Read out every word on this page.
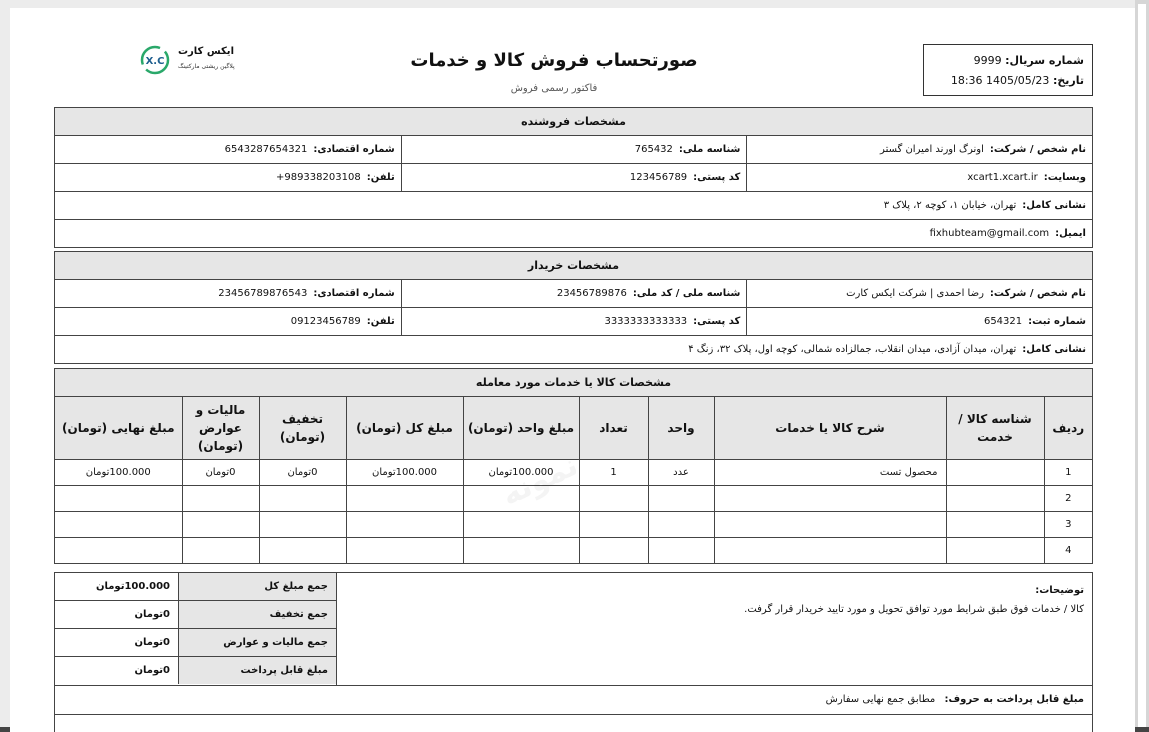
شماره سریال: 9999
تاریخ: 18:36 1405/05/23
صورتحساب فروش کالا و خدمات
فاکتور رسمی فروش
X.C
ایکس کارت
پلاگین ریشتی مارکتینگ
مشخصات فروشنده
نام شخص / شرکت:اونرگ اورند امیران گستر
شناسه ملی:765432
شماره اقتصادی:6543287654321
وبسایت:xcart1.xcart.ir
کد پستی:123456789
تلفن:989338203108+
نشانی کامل:تهران، خیابان ۱، کوچه ۲، پلاک ۳
ایمیل:fixhubteam@gmail.com
مشخصات خریدار
نام شخص / شرکت:رضا احمدی | شرکت ایکس کارت
شناسه ملی / کد ملی:23456789876
شماره اقتصادی:23456789876543
شماره ثبت:654321
کد پستی:3333333333333
تلفن:09123456789
نشانی کامل:تهران، میدان آزادی، میدان انقلاب، جمالزاده شمالی، کوچه اول، پلاک ۳۲، زنگ ۴
مشخصات کالا یا خدمات مورد معامله
ردیف	شناسه کالا / خدمت	شرح کالا یا خدمات	واحد	تعداد	مبلغ واحد (تومان)	مبلغ کل (تومان)	تخفیف (تومان)	مالیات و عوارض (تومان)	مبلغ نهایی (تومان)
1		محصول تست	عدد	1	100.000تومان	100.000تومان	0تومان	0تومان	100.000تومان
2									
3									
4									
توضیحات:
کالا / خدمات فوق طبق شرایط مورد توافق تحویل و مورد تایید خریدار قرار گرفت.
جمع مبلغ کل
100.000تومان
جمع تخفیف
0تومان
جمع مالیات و عوارض
0تومان
مبلغ قابل پرداخت
0تومان
مبلغ قابل پرداخت به حروف: مطابق جمع نهایی سفارش
